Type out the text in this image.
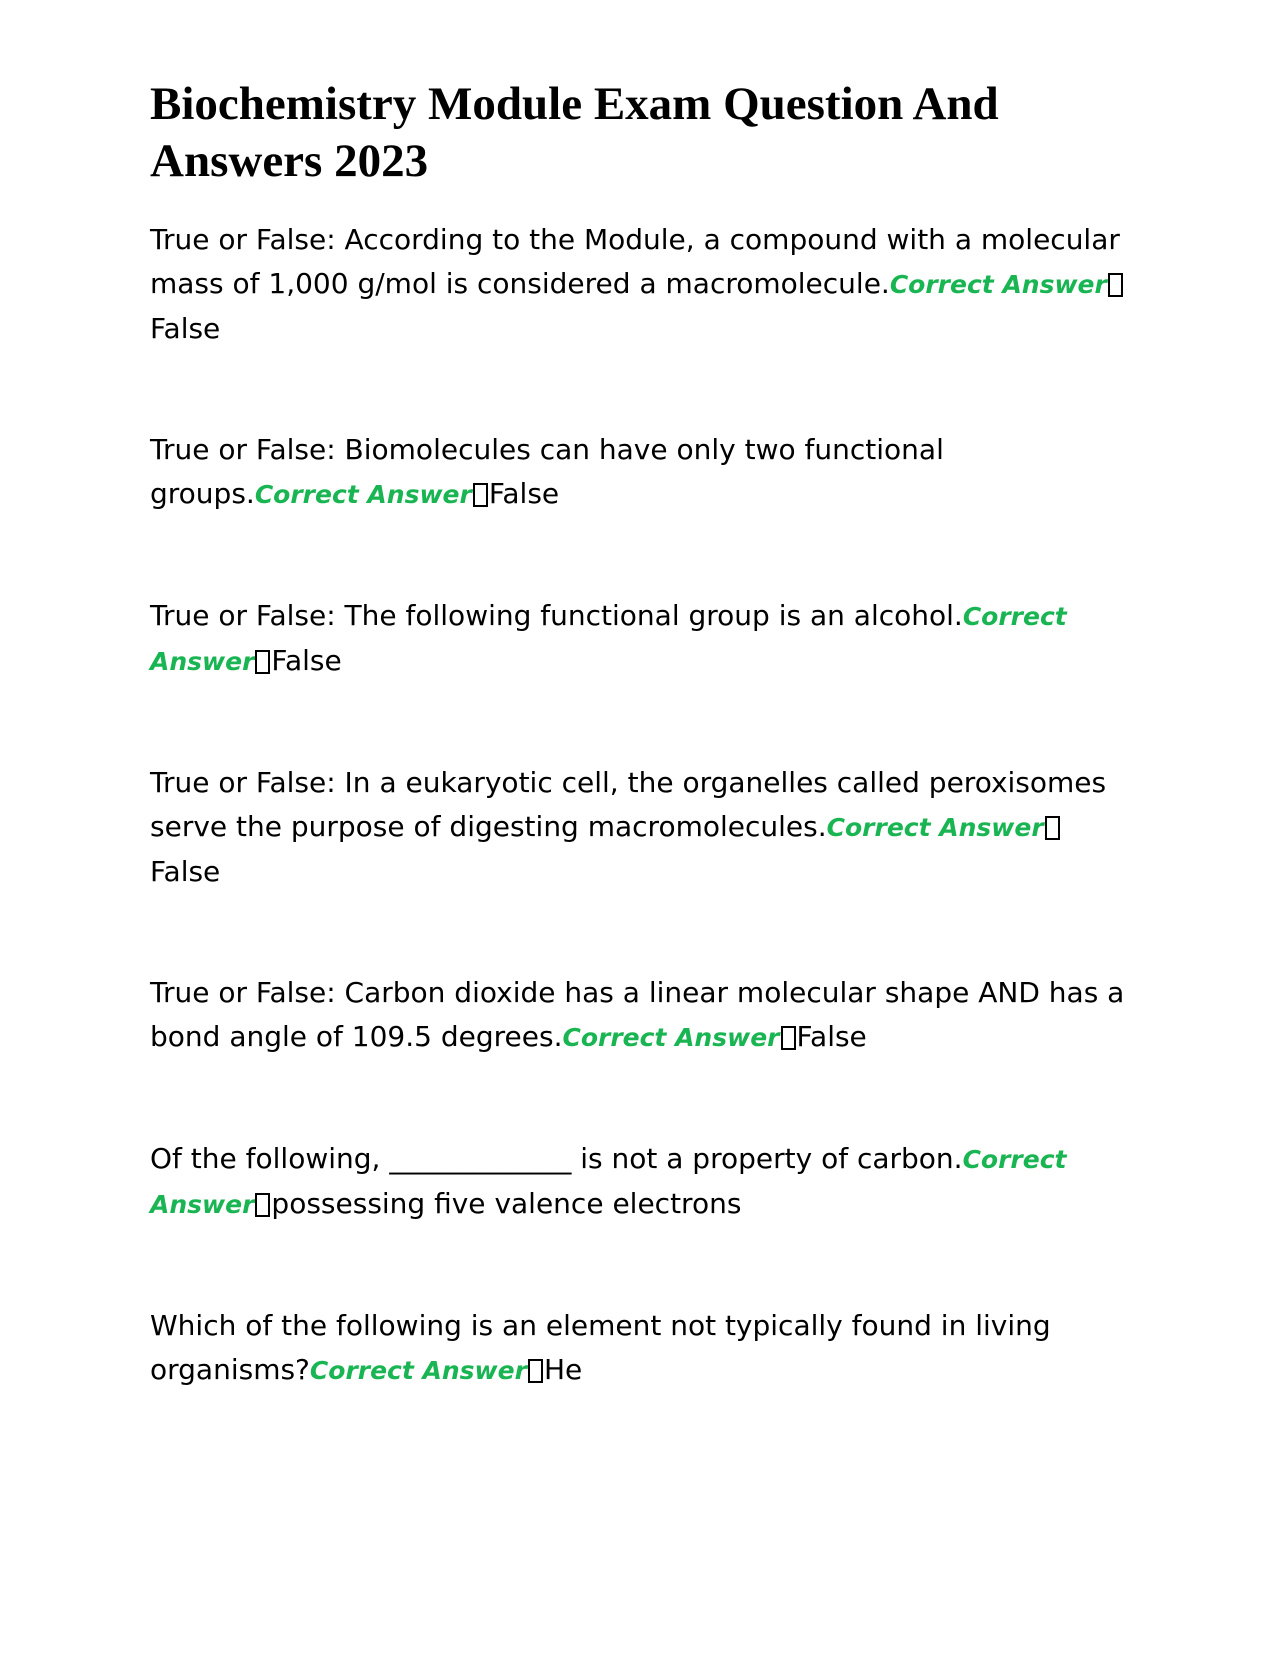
Biochemistry Module Exam Question And Answers 2023

True or False: According to the Module, a compound with a molecular mass of 1,000 g/mol is considered a macromolecule.Correct AnswerFalse

True or False: Biomolecules can have only two functional groups.Correct Answer False

True or False: The following functional group is an alcohol.Correct Answer False

True or False: In a eukaryotic cell, the organelles called peroxisomes serve the purpose of digesting macromolecules.Correct AnswerFalse

True or False: Carbon dioxide has a linear molecular shape AND has a bond angle of 109.5 degrees.Correct Answer False

Of the following, _____________ is not a property of carbon.Correct Answer possessing five valence electrons

Which of the following is an element not typically found in living organisms?Correct Answer He
